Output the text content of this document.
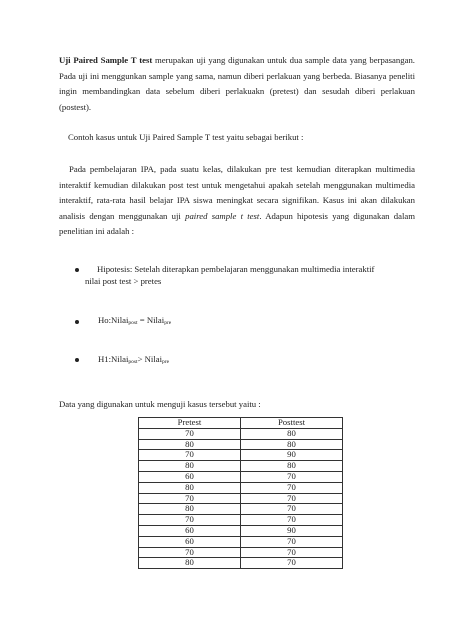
Uji Paired Sample T test merupakan uji yang digunakan untuk dua sample data yang berpasangan. Pada uji ini menggunkan sample yang sama, namun diberi perlakuan yang berbeda. Biasanya peneliti ingin membandingkan data sebelum diberi perlakuakn (pretest) dan sesudah diberi perlakuan (postest).
Contoh kasus untuk Uji Paired Sample T test yaitu sebagai berikut :
Pada pembelajaran IPA, pada suatu kelas, dilakukan pre test kemudian diterapkan multimedia interaktif kemudian dilakukan post test untuk mengetahui apakah setelah menggunakan multimedia interaktif, rata-rata hasil belajar IPA siswa meningkat secara signifikan. Kasus ini akan dilakukan analisis dengan menggunakan uji paired sample t test. Adapun hipotesis yang digunakan dalam penelitian ini adalah :
Hipotesis: Setelah diterapkan pembelajaran menggunakan multimedia interaktif
nilai post test > pretes
Ho:Nilaipost = Nilaipre
H1:Nilaipost> Nilaipre
Data yang digunakan untuk menguji kasus tersebut yaitu :
Pretest	Posttest
70	80
80	80
70	90
80	80
60	70
80	70
70	70
80	70
70	70
60	90
60	70
70	70
80	70
